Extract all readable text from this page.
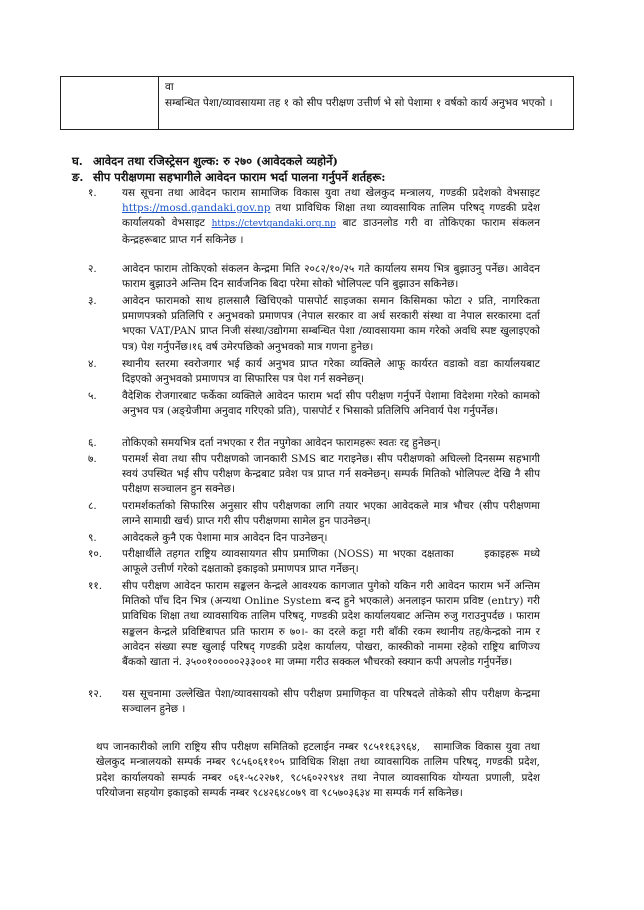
वा
सम्बन्धित पेशा/व्यावसायमा तह १ को सीप परीक्षण उत्तीर्ण भे सो पेशामा १ वर्षको कार्य अनुभव भएको ।
घ. आवेदन तथा रजिस्ट्रेसन शुल्क: रु २७० (आवेदकले व्यहोर्ने)
ङ. सीप परीक्षणमा सहभागीले आवेदन फाराम भर्दा पालना गर्नुपर्ने शर्तहरू:
१.	यस सूचना तथा आवेदन फाराम सामाजिक विकास युवा तथा खेलकुद मन्त्रालय, गण्डकी प्रदेशको वेभसाइट https://mosd.gandaki.gov.np तथा प्राविधिक शिक्षा तथा व्यावसायिक तालिम परिषद् गण्डकी प्रदेश कार्यालयको वेभसाइट https://ctevtgandaki.org.np बाट डाउनलोड गरी वा तोकिएका फाराम संकलन केन्द्रहरूबाट प्राप्त गर्न सकिनेछ ।
२.	आवेदन फाराम तोकिएको संकलन केन्द्रमा मिति २०८२/१०/२५ गते कार्यालय समय भित्र बुझाउनु पर्नेछ। आवेदन फाराम बुझाउने अन्तिम दिन सार्वजनिक बिदा परेमा सोको भोलिपल्ट पनि बुझाउन सकिनेछ।
३.	आवेदन फारामको साथ हालसालै खिचिएको पासपोर्ट साइजका समान किसिमका फोटा २ प्रति, नागरिकता प्रमाणपत्रको प्रतिलिपि र अनुभवको प्रमाणपत्र (नेपाल सरकार वा अर्ध सरकारी संस्था वा नेपाल सरकारमा दर्ता भएका VAT/PAN प्राप्त निजी संस्था/उद्योगमा सम्बन्धित पेशा /व्यावसायमा काम गरेको अवधि स्पष्ट खुलाइएको पत्र) पेश गर्नुपर्नेछ।१६ वर्ष उमेरपछिको अनुभवको मात्र गणना हुनेछ।
४.	स्थानीय स्तरमा स्वरोजगार भई कार्य अनुभव प्राप्त गरेका व्यक्तिले आफू कार्यरत वडाको वडा कार्यालयबाट दिइएको अनुभवको प्रमाणपत्र वा सिफारिस पत्र पेश गर्न सक्नेछन्।
५.	वैदेशिक रोजगारबाट फर्केका व्यक्तिले आवेदन फाराम भर्दा सीप परीक्षण गर्नुपर्ने पेशामा विदेशमा गरेको कामको अनुभव पत्र (अङ्ग्रेजीमा अनुवाद गरिएको प्रति), पासपोर्ट र भिसाको प्रतिलिपि अनिवार्य पेश गर्नुपर्नेछ।
६.	तोकिएको समयभित्र दर्ता नभएका र रीत नपुगेका आवेदन फारामहरूः स्वतः रद्द हुनेछन्।
७.	परामर्श सेवा तथा सीप परीक्षणको जानकारी SMS बाट गराइनेछ। सीप परीक्षणको अघिल्लो दिनसम्म सहभागी स्वयं उपस्थित भई सीप परीक्षण केन्द्रबाट प्रवेश पत्र प्राप्त गर्न सक्नेछन्। सम्पर्क मितिको भोलिपल्ट देखि नै सीप परीक्षण सञ्चालन हुन सक्नेछ।
८.	परामर्शकर्ताको सिफारिस अनुसार सीप परीक्षणका लागि तयार भएका आवेदकले मात्र भौचर (सीप परीक्षणमा लाग्ने सामाग्री खर्च) प्राप्त गरी सीप परीक्षणमा सामेल हुन पाउनेछन्।
९.	आवेदकले कुनै एक पेशामा मात्र आवेदन दिन पाउनेछन्।
१०.	परीक्षार्थीले तहगत राष्ट्रिय व्यावसायगत सीप प्रमाणिका (NOSS) मा भएका दक्षताका      इकाइहरू मध्ये आफूले उत्तीर्ण गरेको दक्षताको इकाइको प्रमाणपत्र प्राप्त गर्नेछन्।
११.	सीप परीक्षण आवेदन फाराम सङ्कलन केन्द्रले आवश्यक कागजात पुगेको यकिन गरी आवेदन फाराम भर्ने अन्तिम मितिको पाँच दिन भित्र (अन्यथा Online System बन्द हुने भएकाले) अनलाइन फाराम प्रविष्ट (entry) गरी प्राविधिक शिक्षा तथा व्यावसायिक तालिम परिषद्, गण्डकी प्रदेश कार्यालयबाट अन्तिम रुजु गराउनुपर्दछ । फाराम सङ्कलन केन्द्रले प्रविष्टिबापत प्रति फाराम रु ७०।- का दरले कट्टा गरी बाँकी रकम स्थानीय तह/केन्द्रको नाम र आवेदन संख्या स्पष्ट खुलाई परिषद् गण्डकी प्रदेश कार्यालय, पोखरा, कास्कीको नाममा रहेको राष्ट्रिय बाणिज्य बैंकको खाता नं. ३५००१०००००२३३००१ मा जम्मा गरीउ सक्कल भौचरको स्क्यान कपी अपलोड गर्नुपर्नेछ।
१२.	यस सूचनामा उल्लेखित पेशा/व्यावसायको सीप परीक्षण प्रमाणिकृत वा परिषदले तोकेको सीप परीक्षण केन्द्रमा सञ्चालन हुनेछ ।
थप जानकारीको लागि राष्ट्रिय सीप परीक्षण समितिको हटलाईन नम्बर ९८५११६३९६४,   सामाजिक विकास युवा तथा खेलकुद मन्त्रालयको सम्पर्क नम्बर ९८५६०६११०५ प्राविधिक शिक्षा तथा व्यावसायिक तालिम परिषद्, गण्डकी प्रदेश, प्रदेश कार्यालयको सम्पर्क नम्बर ०६१-५८२२७१, ९८५६०२२९४१ तथा नेपाल व्यावसायिक योग्यता प्रणाली, प्रदेश परियोजना सहयोग इकाइको सम्पर्क नम्बर ९८४२६४८०७९ वा ९८५७०३६३४ मा सम्पर्क गर्न सकिनेछ।
